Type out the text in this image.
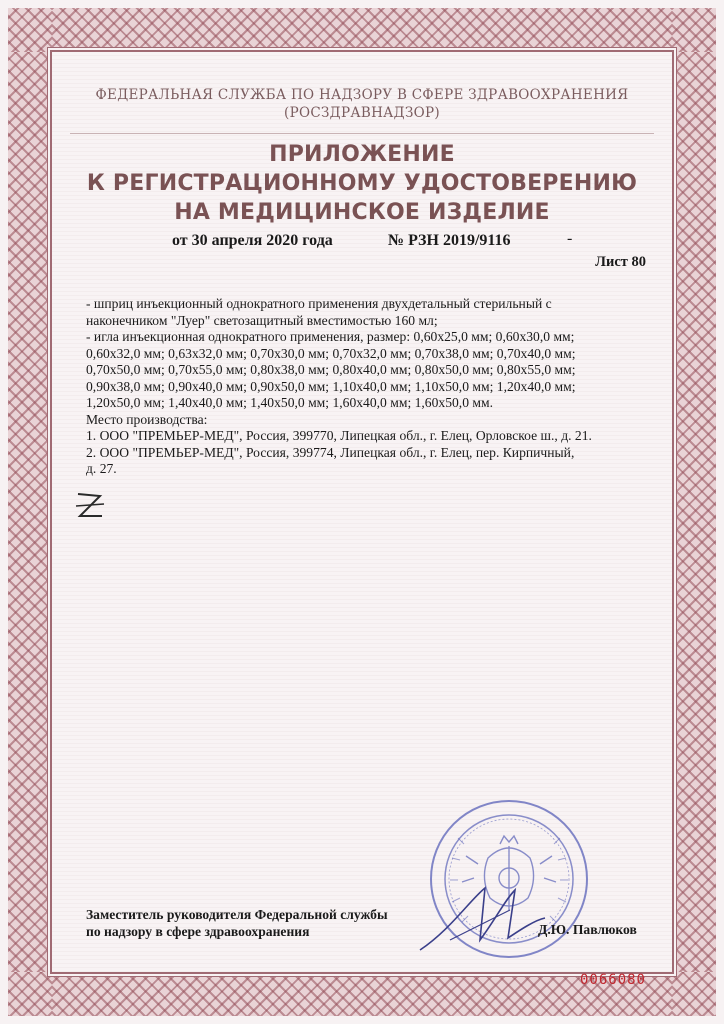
ФЕДЕРАЛЬНАЯ СЛУЖБА ПО НАДЗОРУ В СФЕРЕ ЗДРАВООХРАНЕНИЯ
(РОСЗДРАВНАДЗОР)
ПРИЛОЖЕНИЕ
К РЕГИСТРАЦИОННОМУ УДОСТОВЕРЕНИЮ
НА МЕДИЦИНСКОЕ ИЗДЕЛИЕ
от 30 апреля 2020 года	№ РЗН 2019/9116	-
Лист 80
- шприц инъекционный однократного применения двухдетальный стерильный с
наконечником "Луер" светозащитный вместимостью 160 мл;
- игла инъекционная однократного применения, размер: 0,60x25,0 мм; 0,60x30,0 мм;
0,60x32,0 мм; 0,63x32,0 мм; 0,70x30,0 мм; 0,70x32,0 мм; 0,70x38,0 мм; 0,70x40,0 мм;
0,70x50,0 мм; 0,70x55,0 мм; 0,80x38,0 мм; 0,80x40,0 мм; 0,80x50,0 мм; 0,80x55,0 мм;
0,90x38,0 мм; 0,90x40,0 мм; 0,90x50,0 мм; 1,10x40,0 мм; 1,10x50,0 мм; 1,20x40,0 мм;
1,20x50,0 мм; 1,40x40,0 мм; 1,40x50,0 мм; 1,60x40,0 мм; 1,60x50,0 мм.
Место производства:
1. ООО "ПРЕМЬЕР-МЕД", Россия, 399770, Липецкая обл., г. Елец, Орловское ш., д. 21.
2. ООО "ПРЕМЬЕР-МЕД", Россия, 399774, Липецкая обл., г. Елец, пер. Кирпичный,
д. 27.
Заместитель руководителя Федеральной службы
по надзору в сфере здравоохранения	Д.Ю. Павлюков
0066080
